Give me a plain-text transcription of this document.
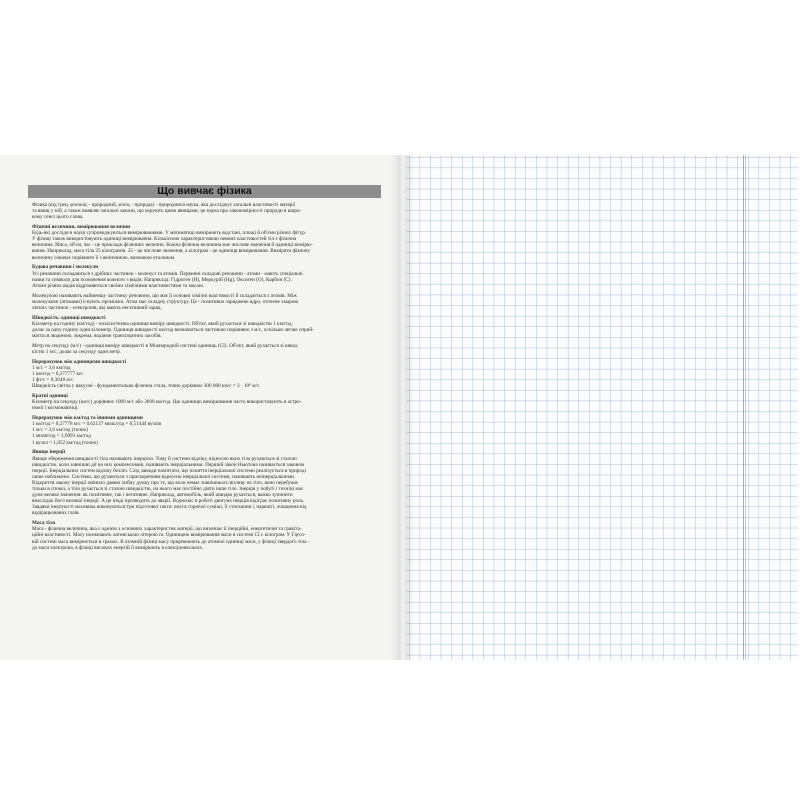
Що вивчає фізика
Фізика (від грец. φυσικός - природний, φύσις - природа) - природнича наука, яка досліджує загальні властивості матерії
та явищ у ній, а також виявляє загальні закони, що керують цими явищами; це наука про закономірності природи в широ-
кому сенсі цього слова.
Фізичні величини, вимірювання величин
Будь-які досліди в науці супроводжуються вимірюваннями. У математиці вимірюють відстані, площі й об'єми різних фігур.
У фізиці також використовують одиниці вимірювання. Кількісною характеристикою певних властивостей тіл є фізична
величина. Маса, об'єм, час - це приклади фізичних величин. Кожна фізична величина має числове значення й одиниці вимірю-
вання. Наприклад, маса тіла 25 кілограмів. 25 - це числове значення, а кілограм - це одиниця вимірювання. Виміряти фізичну
величину означає порівняти її з величиною, визнаною еталоном.
Будова речовини і молекули
Усі речовини складаються з дрібних частинок - молекул та атомів. Первинні складові речовини - атоми - мають спеціальні
назви та символи для позначення кожного з видів. Наприклад: Гідроген (H), Меркурій (Hg), Оксиген (O), Карбон (C).
Атоми різних видів відрізняються своїми хімічними властивостями та масою.
Молекулою називають найменшу частинку речовини, що має її основні хімічні властивості й складається з атомів. Між
молекулами (атомами) існують проміжки. Атом має складну структуру. Це - позитивно заряджене ядро, оточене хмарою
легких частинок - електронів, які мають негативний заряд.
Швидкість: одиниці швидкості
Кілометр на годину (км/год) - позасистемна одиниця виміру швидкості. Об'єкт, який рухається зі швидкістю 1 км/год,
долає за одну годину один кілометр. Одиниця швидкості км/год визначається частиною порівняно з м/с, оскільки легше сприй-
мається людиною, зокрема, водіями транспортних засобів.
Метр на секунду (м/с) - одиниця виміру швидкості в Міжнародній системі одиниць (СІ). Об'єкт, який рухається зі швид-
кістю 1 м/с, долає за секунду один метр.
Перерахунок між одиницями швидкості
1 м/с = 3,6 км/год
1 км/год = 0,277777 м/с
1 фт/с = 0,3048 м/с
Швидкість світла у вакуумі - фундаментальна фізична стала, точно дорівнює 300 000 км/с = 3 · 10⁸ м/с.
Кратні одиниці
Кілометр на секунду (км/с) дорівнює 1000 м/с або 3600 км/год. Цю одиницю вимірювання часто використовують в астро-
номії і космонавтиці.
Перерахунок між км/год та іншими одиницями
1 км/год = 0,27778 м/с = 0,62137 миль/год = 0,51444 вузлів
1 м/с = 3,6 км/год (точно)
1 миля/год = 1,6093 км/год
1 вузол = 1,852 км/год (точно)
Явище інерції
Явище збереження швидкості тіла називають інерцією. Тому й системи відліку, відносно яких тіла рухаються зі сталою
швидкістю, коли зовнішні дії на них компенсовані, називають інерціальними. Перший закон Ньютона називається законом
інерції. Інерціальних систем відліку безліч. Слід завжди пам'ятати, що поняття інерціальної системи реалізується в природі
лише наближено. Системи, що рухаються з прискоренням відносно інерціальної системи, називають неінерціальними.
Відкриття закону інерції змінило давню хибну думку про те, що коли немає зовнішнього впливу на тіло, воно перебуває
тільки в спокої, а тіло рухається зі сталою швидкістю, на нього має постійно діяти інше тіло. Інерція у побуті і техніці має
дуже велике значення: як позитивне, так і негативне. Наприклад, автомобіль, який швидко рухається, важко зупинити
внаслідок його великої інерції. А це іноді призводить до аварії. Водночас в роботі двигуна інерція відіграє позитивну роль.
Завдяки інертності маховика виконуються три підготовчі такти: впуск горючої суміші, її стискання і, нарешті, очищення від
відпрацьованих газів.
Маса тіла
Маса - фізична величина, яка є однією з основних характеристик матерії, що визначає її інерційні, енергетичні та гравіта-
ційні властивості. Масу позначають латинською літерою m. Одиницею вимірювання маси в системі СІ є кілограм. У Гаусо-
вій системі маса вимірюється в грамах. В атомній фізиці масу прирівнюють до атомної одиниці маси, у фізиці твердого тіла -
до маси електрона, в фізиці високих енергій її вимірюють в електронвольтах.
